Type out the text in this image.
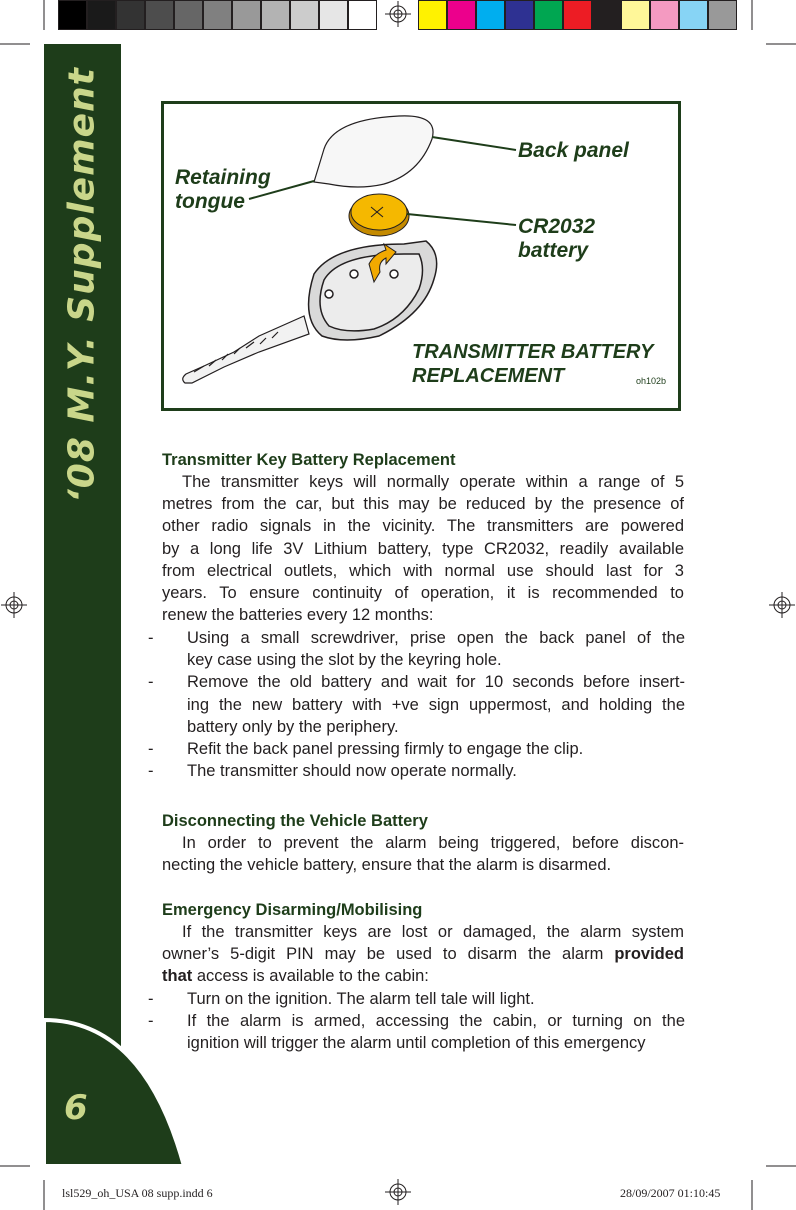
‘08 M.Y. Supplement
6
Back panel
Retaining
tongue
CR2032
battery
TRANSMITTER BATTERY
REPLACEMENT	oh102b
Transmitter Key Battery Replacement
The transmitter keys will normally operate within a range of 5
metres from the car, but this may be reduced by the presence of
other radio signals in the vicinity. The transmitters are powered
by a long life 3V Lithium battery, type CR2032, readily available
from electrical outlets, which with normal use should last for 3
years. To ensure continuity of operation, it is recommended to
renew the batteries every 12 months:
- Using a small screwdriver, prise open the back panel of the
key case using the slot by the keyring hole.
- Remove the old battery and wait for 10 seconds before insert-
ing the new battery with +ve sign uppermost, and holding the
battery only by the periphery.
- Refit the back panel pressing firmly to engage the clip.
- The transmitter should now operate normally.
Disconnecting the Vehicle Battery
In order to prevent the alarm being triggered, before discon-
necting the vehicle battery, ensure that the alarm is disarmed.
Emergency Disarming/Mobilising
If the transmitter keys are lost or damaged, the alarm system
owner’s 5-digit PIN may be used to disarm the alarm provided
that access is available to the cabin:
- Turn on the ignition. The alarm tell tale will light.
- If the alarm is armed, accessing the cabin, or turning on the
ignition will trigger the alarm until completion of this emergency
lsl529_oh_USA 08 supp.indd 6	28/09/2007 01:10:45
